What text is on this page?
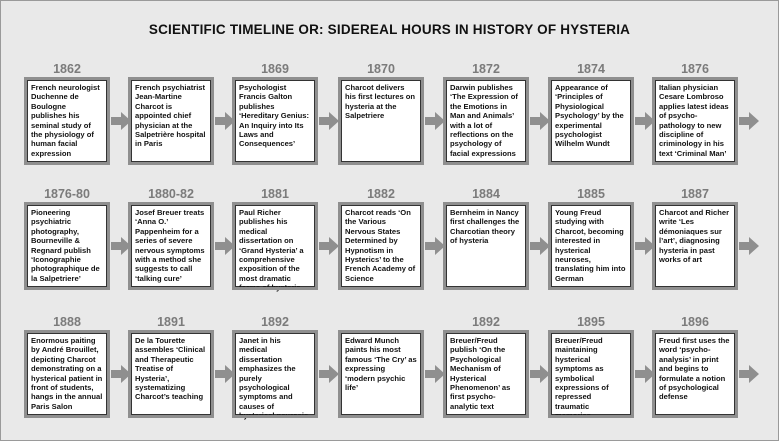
SCIENTIFIC TIMELINE OR: SIDEREAL HOURS IN HISTORY OF HYSTERIA
1862
French neurologist Duchenne de Boulogne publishes his seminal study of the physiology of human facial expression
French psychiatrist Jean-Martine Charcot is appointed chief physician at the Salpetrière hospital in Paris
1869
Psychologist Francis Galton publishes ‘Hereditary Genius: An Inquiry into Its Laws and Consequences’
1870
Charcot delivers his first lectures on hysteria at the Salpetriere
1872
Darwin publishes ‘The Expression of the Emotions in Man and Animals’ with a lot of reflections on the psychology of facial expressions
1874
Appearance of ‘Principles of Physiological Psychology’ by the experimental psychologist Wilhelm Wundt
1876
Italian physician Cesare Lombroso applies latest ideas of psycho-pathology to new discipline of criminology in his text ‘Criminal Man’
1876-80
Pioneering psychiatric photography, Bourneville & Regnard publish ‘Iconographie photographique de la Salpetriere’
1880-82
Josef Breuer treats ‘Anna O.’ Pappenheim for a series of severe nervous symptoms with a method she suggests to call ‘talking cure’
1881
Paul Richer publishes his medical dissertation on ‘Grand Hysteria’ a comprehensive exposition of the most dramatic forms of hysteria
1882
Charcot reads ‘On the Various Nervous States Determined by Hypnotism in Hysterics’ to the French Academy of Science
1884
Bernheim in Nancy first challenges the Charcotian theory of hysteria
1885
Young Freud studying with Charcot, becoming interested in hysterical neuroses, translating him into German
1887
Charcot and Richer write ‘Les démoniaques sur l’art’, diagnosing hysteria in past works of art
1888
Enormous paiting by André Brouillet, depicting Charcot demonstrating on a hysterical patient in front of students, hangs in the annual Paris Salon
1891
De la Tourette assembles ‘Clinical and Therapeutic Treatise of Hysteria’, systematizing Charcot’s teaching
1892
Janet in his medical dissertation emphasizes the purely psychological symptoms and causes of hysterical neurosis
Edward Munch paints his most famous ‘The Cry’ as expressing ‘modern psychic life’
1892
Breuer/Freud publish ‘On the Psychological Mechanism of Hysterical Phenomenon’ as first psycho-analytic text
1895
Breuer/Freud maintaining hysterical symptoms as symbolical expressions of repressed traumatic memories
1896
Freud first uses the word ‘psycho-analysis’ in print and begins to formulate a notion of psychological defense
